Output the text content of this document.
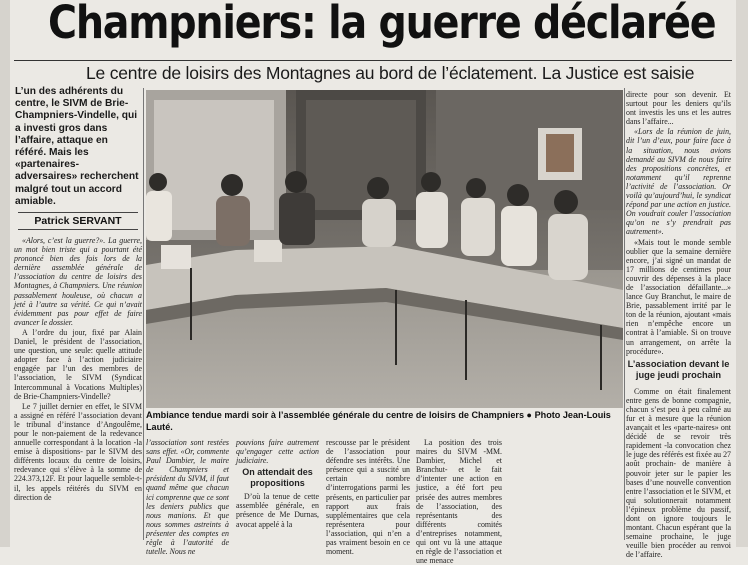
Champniers: la guerre déclarée
Le centre de loisirs des Montagnes au bord de l’éclatement. La Justice est saisie
L’un des adhérents du centre, le SIVM de Brie-Champniers-Vindelle, qui a investi gros dans l’affaire, attaque en référé. Mais les «partenaires-adversaires» recherchent malgré tout un accord amiable.
Patrick SERVANT

«Alors, c’est la guerre?». La guerre, un mot bien triste qui a pourtant été prononcé bien des fois lors de la dernière assemblée générale de l’association du centre de loisirs des Montagnes, à Champniers. Une réunion passablement houleuse, où chacun a jeté à l’autre sa vérité. Ce qui n’avait évidemment pas pour effet de faire avancer le dossier.

A l’ordre du jour, fixé par Alain Daniel, le président de l’association, une question, une seule: quelle attitude adopter face à l’action judiciaire engagée par l’un des membres de l’association, le SIVM (Syndicat Intercommunal à Vocations Multiples) de Brie-Champniers-Vindelle?

Le 7 juillet dernier en effet, le SIVM a assigné en référé l’association devant le tribunal d’instance d’Angoulême, pour le non-paiement de la redevance annuelle correspondant à la location -la emise à dispositions- par le SIVM des différents locaux du centre de loisirs, redevance qui s’élève à la somme de 224.373,12F. Et pour laquelle semble-t-il, les appels réitérés du SIVM en direction de

Ambiance tendue mardi soir à l’assemblée générale du centre de loisirs de Champniers ● Photo Jean-Louis Lauté.

l’association sont restées sans effet. «Or, commente Paul Dambier, le maire de Champniers et président du SIVM, il faut quand même que chacun ici comprenne que ce sont les deniers publics que nous manions. Et que nous sommes astreints à présenter des comptes en règle à l’autorité de tutelle. Nous ne

pouvions faire autrement qu’engager cette action judiciaire.

On attendait des propositions

D’où la tenue de cette assemblée générale, en présence de Me Durnas, avocat appelé à la

rescousse par le président de l’association pour défendre ses intérêts. Une présence qui a suscité un certain nombre d’interrogations parmi les présents, en particulier par rapport aux frais supplémentaires que cela représentera pour l’association, qui n’en a pas vraiment besoin en ce moment.

La position des trois maires du SIVM -MM. Dambier, Michel et Branchut- et le fait d’intenter une action en justice, a été fort peu prisée des autres membres de l’association, des représentants des différents comités d’entreprises notamment, qui ont vu là une attaque en règle de l’association et une menace

directe pour son devenir. Et surtout pour les deniers qu’ils ont investis les uns et les autres dans l’affaire...

«Lors de la réunion de juin, dit l’un d’eux, pour faire face à la situation, nous avions demandé au SIVM de nous faire des propositions concrètes, et notamment qu’il reprenne l’activité de l’association. Or voilà qu’aujourd’hui, le syndicat répond par une action en justice. On voudrait couler l’association qu’on ne s’y prendrait pas autrement».

«Mais tout le monde semble oublier que la semaine dernière encore, j’ai signé un mandat de 17 millions de centimes pour couvrir des dépenses à la place de l’association défaillante...» lance Guy Branchut, le maire de Brie, passablement irrité par le ton de la réunion, ajoutant «mais rien n’empêche encore un contrat à l’amiable. Si on trouve un arrangement, on arrête la procédure».

L’association devant le juge jeudi prochain

Comme on était finalement entre gens de bonne compagnie, chacun s’est peu à peu calmé au fur et à mesure que la réunion avançait et les «parte-naires» ont décidé de se revoir très rapidement -la convocation chez le juge des référés est fixée au 27 août prochain- de manière à pouvoir jeter sur le papier les bases d’une nouvelle convention entre l’association et le SIVM, et qui solutionnerait notamment l’épineux problème du passif, dont on ignore toujours le montant. Chacun espérant que la semaine prochaine, le juge veuille bien procéder au renvoi de l’affaire.
